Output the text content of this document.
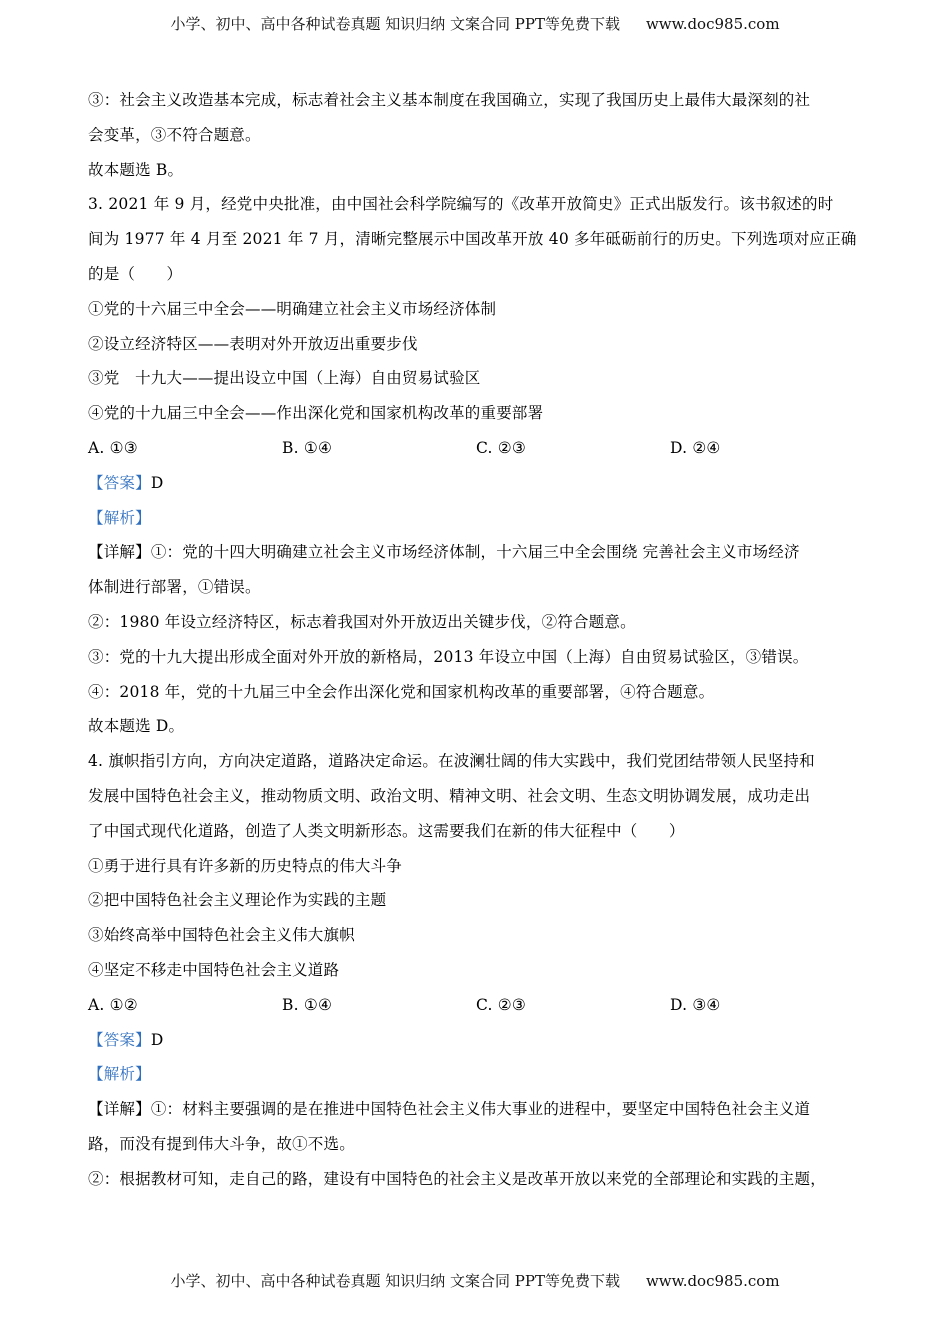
小学、初中、高中各种试卷真题 知识归纳 文案合同 PPT等免费下载 www.doc985.com
③：社会主义改造基本完成，标志着社会主义基本制度在我国确立，实现了我国历史上最伟大最深刻的社
会变革，③不符合题意。
故本题选 B。
3. 2021 年 9 月，经党中央批准，由中国社会科学院编写的《改革开放简史》正式出版发行。该书叙述的时
间为 1977 年 4 月至 2021 年 7 月，清晰完整展示中国改革开放 40 多年砥砺前行的历史。下列选项对应正确
的是（　　）
①党的十六届三中全会——明确建立社会主义市场经济体制
②设立经济特区——表明对外开放迈出重要步伐
③党　十九大——提出设立中国（上海）自由贸易试验区
④党的十九届三中全会——作出深化党和国家机构改革的重要部署
A. ①③	B. ①④	C. ②③	D. ②④
【答案】D
【解析】
【详解】①：党的十四大明确建立社会主义市场经济体制，十六届三中全会围绕 完善社会主义市场经济
体制进行部署，①错误。
②：1980 年设立经济特区，标志着我国对外开放迈出关键步伐，②符合题意。
③：党的十九大提出形成全面对外开放的新格局，2013 年设立中国（上海）自由贸易试验区，③错误。
④：2018 年，党的十九届三中全会作出深化党和国家机构改革的重要部署，④符合题意。
故本题选 D。
4. 旗帜指引方向，方向决定道路，道路决定命运。在波澜壮阔的伟大实践中，我们党团结带领人民坚持和
发展中国特色社会主义，推动物质文明、政治文明、精神文明、社会文明、生态文明协调发展，成功走出
了中国式现代化道路，创造了人类文明新形态。这需要我们在新的伟大征程中（　　）
①勇于进行具有许多新的历史特点的伟大斗争
②把中国特色社会主义理论作为实践的主题
③始终高举中国特色社会主义伟大旗帜
④坚定不移走中国特色社会主义道路
A. ①②	B. ①④	C. ②③	D. ③④
【答案】D
【解析】
【详解】①：材料主要强调的是在推进中国特色社会主义伟大事业的进程中，要坚定中国特色社会主义道
路，而没有提到伟大斗争，故①不选。
②：根据教材可知，走自己的路，建设有中国特色的社会主义是改革开放以来党的全部理论和实践的主题，
小学、初中、高中各种试卷真题 知识归纳 文案合同 PPT等免费下载 www.doc985.com
